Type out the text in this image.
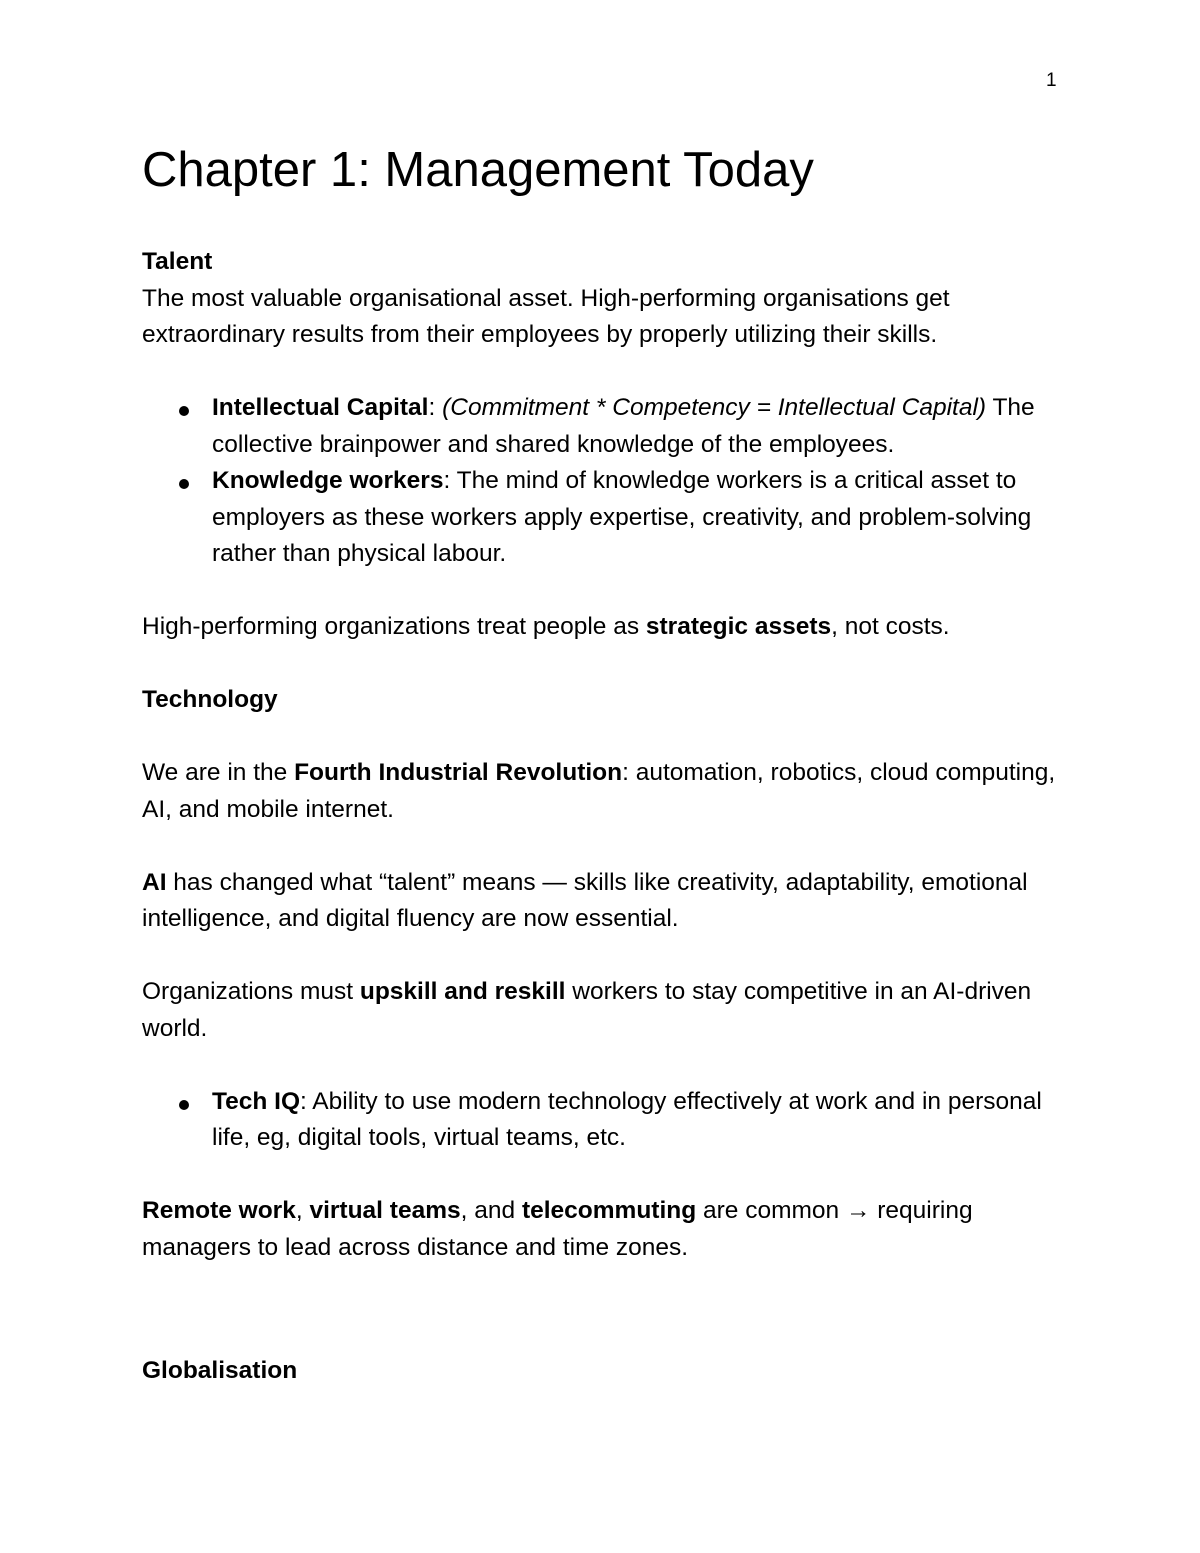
1
Chapter 1: Management Today
Talent

The most valuable organisational asset. High-performing organisations get extraordinary results from their employees by properly utilizing their skills.

Intellectual Capital: (Commitment * Competency = Intellectual Capital) The collective brainpower and shared knowledge of the employees.
Knowledge workers: The mind of knowledge workers is a critical asset to employers as these workers apply expertise, creativity, and problem-solving rather than physical labour.

High-performing organizations treat people as strategic assets, not costs.

Technology

We are in the Fourth Industrial Revolution: automation, robotics, cloud computing, AI, and mobile internet.

AI has changed what “talent” means — skills like creativity, adaptability, emotional intelligence, and digital fluency are now essential.

Organizations must upskill and reskill workers to stay competitive in an AI-driven world.

Tech IQ: Ability to use modern technology effectively at work and in personal life, eg, digital tools, virtual teams, etc.

Remote work, virtual teams, and telecommuting are common → requiring managers to lead across distance and time zones.

Globalisation
